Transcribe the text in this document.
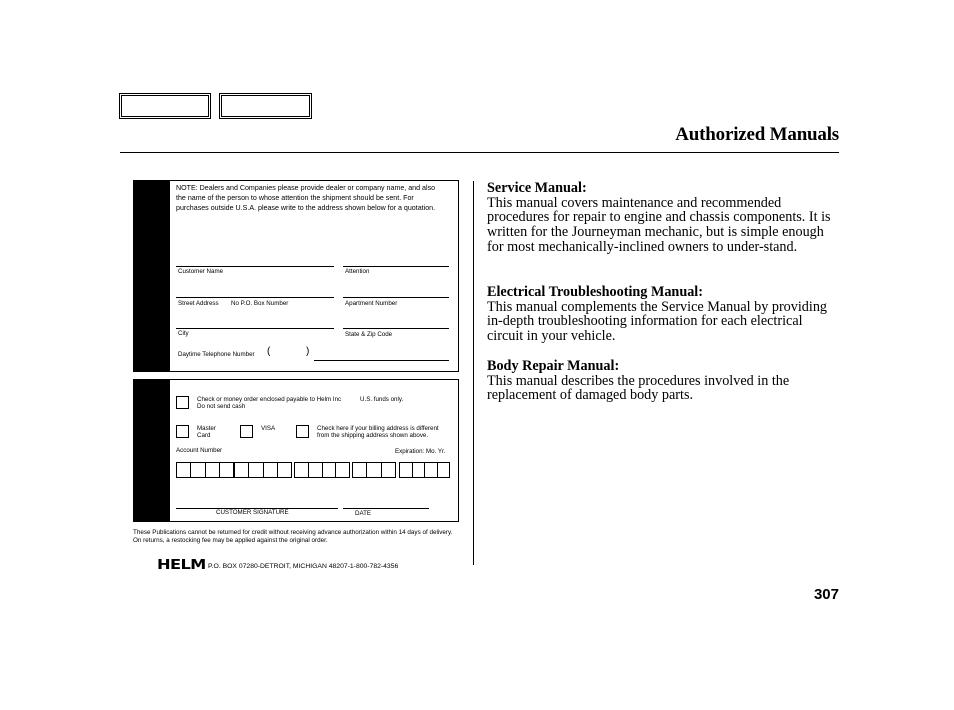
Authorized Manuals
NOTE: Dealers and Companies please provide dealer or company name, and also the name of the person to whose attention the shipment should be sent. For purchases outside U.S.A. please write to the address shown below for a quotation.
Customer Name	Attention
Street Address No P.O. Box Number	Apartment Number
City	State & Zip Code
Daytime Telephone Number (	)
Check or money order enclosed payable to Helm Inc
Do not send cash
U.S. funds only.
Master
Card
VISA	Check here if your billing address is different
from the shipping address shown above.
Account Number	Expiration: Mo. Yr.
CUSTOMER SIGNATURE	DATE
These Publications cannot be returned for credit without receiving advance authorization within 14 days of delivery. On returns, a restocking fee may be applied against the original order.
HELM P.O. BOX 07280-DETROIT, MICHIGAN 48207-1-800-782-4356
Service Manual:

This manual covers maintenance and recommended procedures for repair to engine and chassis components. It is written for the Journeyman mechanic, but is simple enough for most mechanically-inclined owners to under-stand.

Electrical Troubleshooting Manual:

This manual complements the Service Manual by providing in-depth troubleshooting information for each electrical circuit in your vehicle.

Body Repair Manual:

This manual describes the procedures involved in the replacement of damaged body parts.

307
